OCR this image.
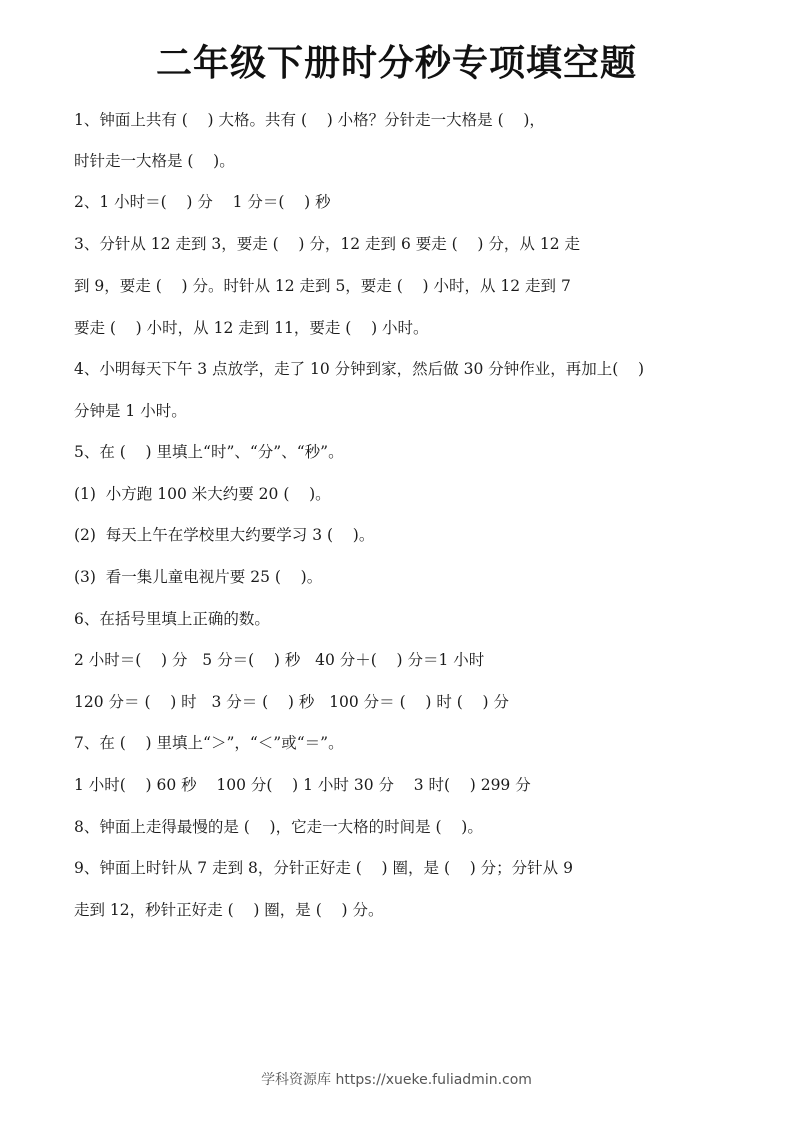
二年级下册时分秒专项填空题
1、钟面上共有 (    ) 大格。共有 (    ) 小格？分针走一大格是 (    )，
时针走一大格是 (    )。
2、1 小时＝(    ) 分    1 分＝(    ) 秒
3、分针从 12 走到 3，要走 (    ) 分，12 走到 6 要走 (    ) 分，从 12 走
到 9，要走 (    ) 分。时针从 12 走到 5，要走 (    ) 小时，从 12 走到 7
要走 (    ) 小时，从 12 走到 11，要走 (    ) 小时。
4、小明每天下午 3 点放学，走了 10 分钟到家，然后做 30 分钟作业，再加上(    )
分钟是 1 小时。
5、在 (    ) 里填上“时”、“分”、“秒”。
(1)  小方跑 100 米大约要 20 (    )。
(2)  每天上午在学校里大约要学习 3 (    )。
(3)  看一集儿童电视片要 25 (    )。
6、在括号里填上正确的数。
2 小时＝(    ) 分   5 分＝(    ) 秒   40 分＋(    ) 分＝1 小时
120 分＝ (    ) 时   3 分＝ (    ) 秒   100 分＝ (    ) 时 (    ) 分
7、在 (    ) 里填上“＞”，“＜”或“＝”。
1 小时(    ) 60 秒    100 分(    ) 1 小时 30 分    3 时(    ) 299 分
8、钟面上走得最慢的是 (    )，它走一大格的时间是 (    )。
9、钟面上时针从 7 走到 8，分针正好走 (    ) 圈，是 (    ) 分；分针从 9
走到 12，秒针正好走 (    ) 圈，是 (    ) 分。
学科资源库 https://xueke.fuliadmin.com
